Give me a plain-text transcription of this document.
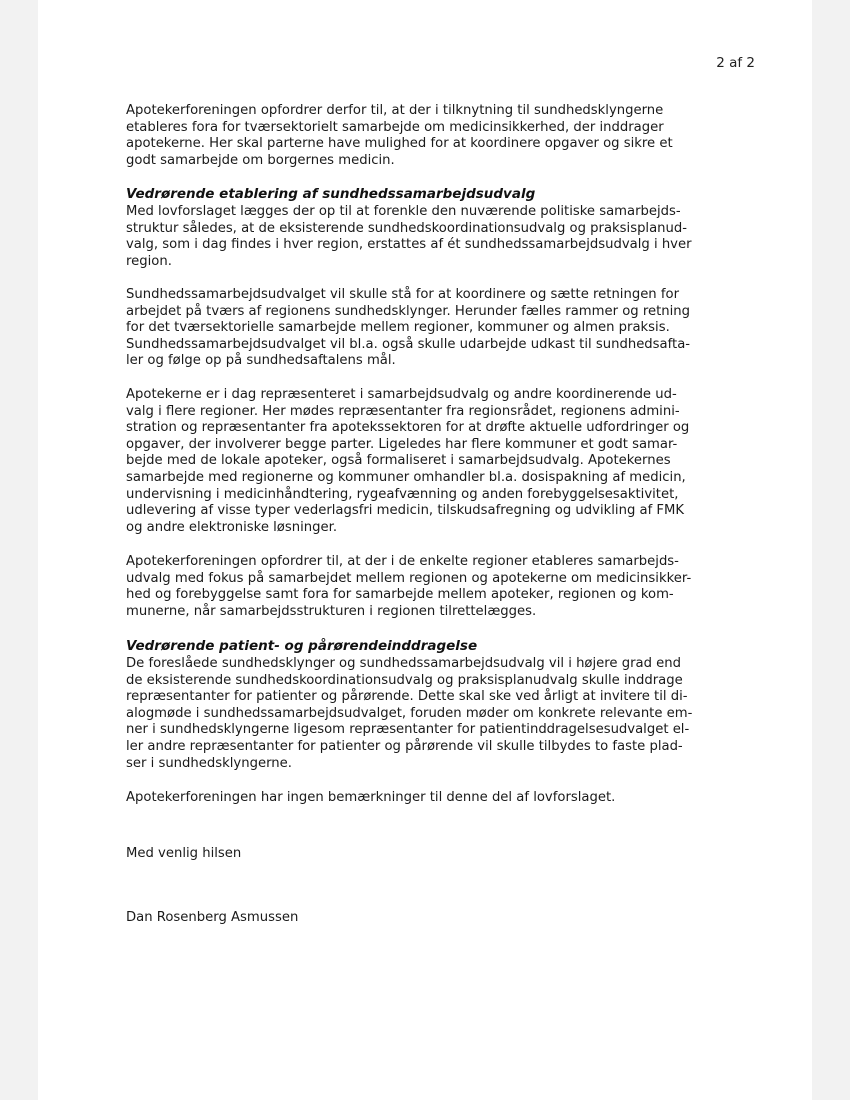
2 af 2
Apotekerforeningen opfordrer derfor til, at der i tilknytning til sundhedsklyngerne
etableres fora for tværsektorielt samarbejde om medicinsikkerhed, der inddrager
apotekerne. Her skal parterne have mulighed for at koordinere opgaver og sikre et
godt samarbejde om borgernes medicin.
Vedrørende etablering af sundhedssamarbejdsudvalg
Med lovforslaget lægges der op til at forenkle den nuværende politiske samarbejds-
struktur således, at de eksisterende sundhedskoordinationsudvalg og praksisplanud-
valg, som i dag findes i hver region, erstattes af ét sundhedssamarbejdsudvalg i hver
region.
Sundhedssamarbejdsudvalget vil skulle stå for at koordinere og sætte retningen for
arbejdet på tværs af regionens sundhedsklynger. Herunder fælles rammer og retning
for det tværsektorielle samarbejde mellem regioner, kommuner og almen praksis.
Sundhedssamarbejdsudvalget vil bl.a. også skulle udarbejde udkast til sundhedsafta-
ler og følge op på sundhedsaftalens mål.
Apotekerne er i dag repræsenteret i samarbejdsudvalg og andre koordinerende ud-
valg i flere regioner. Her mødes repræsentanter fra regionsrådet, regionens admini-
stration og repræsentanter fra apotekssektoren for at drøfte aktuelle udfordringer og
opgaver, der involverer begge parter. Ligeledes har flere kommuner et godt samar-
bejde med de lokale apoteker, også formaliseret i samarbejdsudvalg. Apotekernes
samarbejde med regionerne og kommuner omhandler bl.a. dosispakning af medicin,
undervisning i medicinhåndtering, rygeafvænning og anden forebyggelsesaktivitet,
udlevering af visse typer vederlagsfri medicin, tilskudsafregning og udvikling af FMK
og andre elektroniske løsninger.
Apotekerforeningen opfordrer til, at der i de enkelte regioner etableres samarbejds-
udvalg med fokus på samarbejdet mellem regionen og apotekerne om medicinsikker-
hed og forebyggelse samt fora for samarbejde mellem apoteker, regionen og kom-
munerne, når samarbejdsstrukturen i regionen tilrettelægges.
Vedrørende patient- og pårørendeinddragelse
De foreslåede sundhedsklynger og sundhedssamarbejdsudvalg vil i højere grad end
de eksisterende sundhedskoordinationsudvalg og praksisplanudvalg skulle inddrage
repræsentanter for patienter og pårørende. Dette skal ske ved årligt at invitere til di-
alogmøde i sundhedssamarbejdsudvalget, foruden møder om konkrete relevante em-
ner i sundhedsklyngerne ligesom repræsentanter for patientinddragelsesudvalget el-
ler andre repræsentanter for patienter og pårørende vil skulle tilbydes to faste plad-
ser i sundhedsklyngerne.
Apotekerforeningen har ingen bemærkninger til denne del af lovforslaget.
Med venlig hilsen
Dan Rosenberg Asmussen
